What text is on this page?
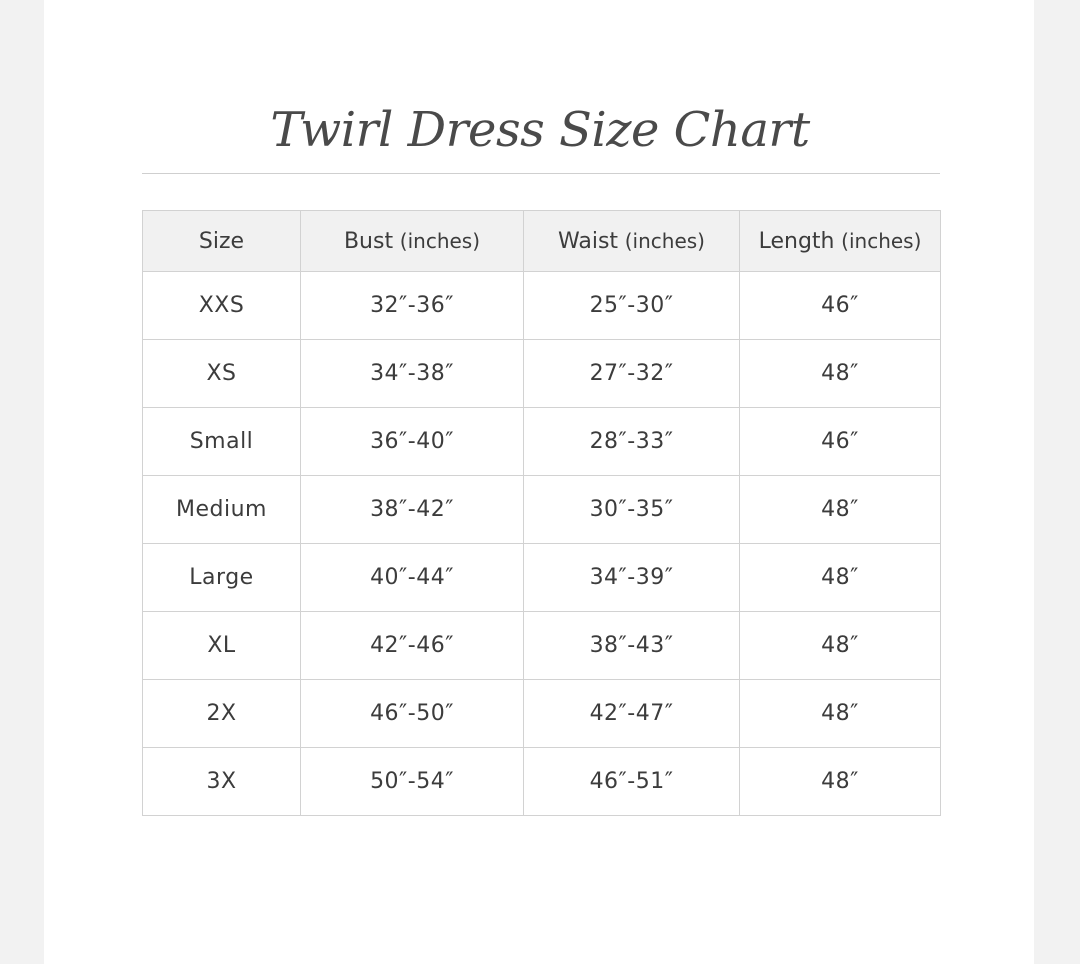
Twirl Dress Size Chart
Size	Bust (inches)	Waist (inches)	Length (inches)
XXS	32″-36″	25″-30″	46″
XS	34″-38″	27″-32″	48″
Small	36″-40″	28″-33″	46″
Medium	38″-42″	30″-35″	48″
Large	40″-44″	34″-39″	48″
XL	42″-46″	38″-43″	48″
2X	46″-50″	42″-47″	48″
3X	50″-54″	46″-51″	48″
